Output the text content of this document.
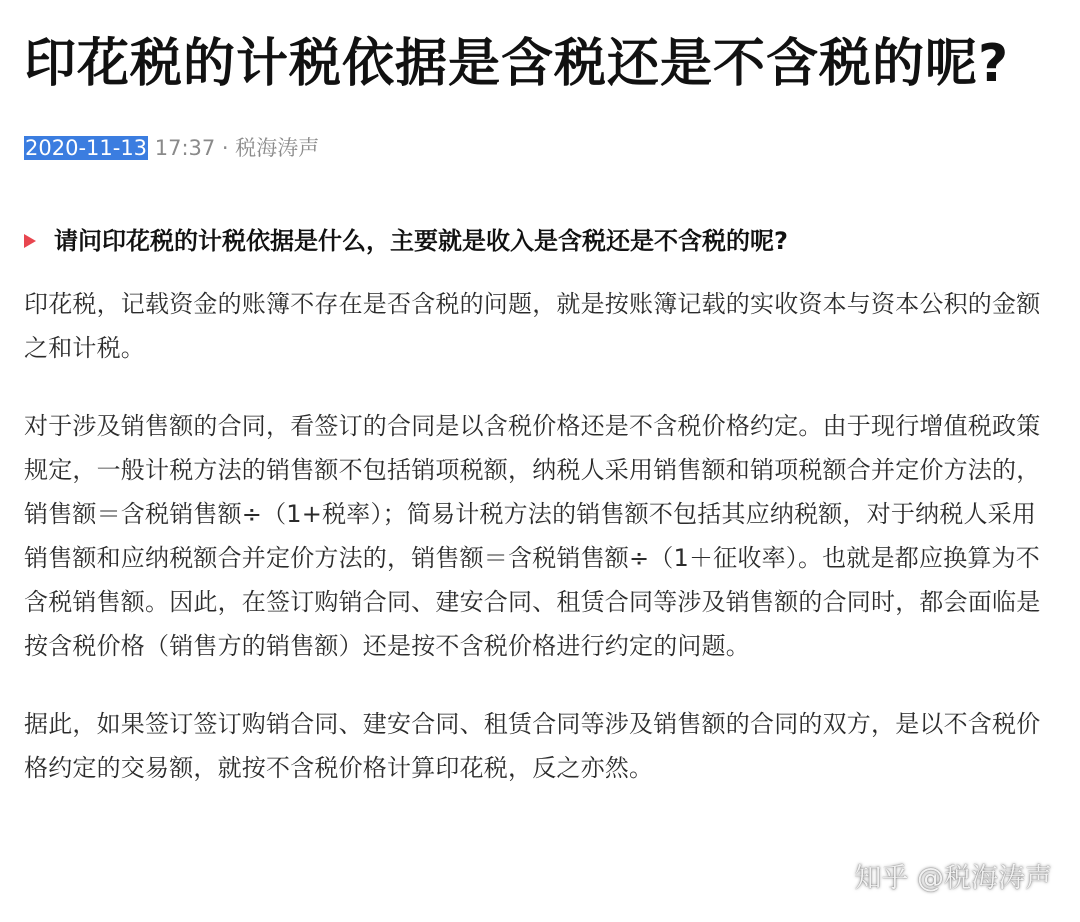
印花税的计税依据是含税还是不含税的呢?
2020-11-13 17:37 · 税海涛声
请问印花税的计税依据是什么，主要就是收入是含税还是不含税的呢?

印花税，记载资金的账簿不存在是否含税的问题，就是按账簿记载的实收资本与资本公积的金额之和计税。

对于涉及销售额的合同，看签订的合同是以含税价格还是不含税价格约定。由于现行增值税政策规定，一般计税方法的销售额不包括销项税额，纳税人采用销售额和销项税额合并定价方法的，销售额＝含税销售额÷（1+税率）；简易计税方法的销售额不包括其应纳税额，对于纳税人采用销售额和应纳税额合并定价方法的，销售额＝含税销售额÷（1＋征收率）。也就是都应换算为不含税销售额。因此，在签订购销合同、建安合同、租赁合同等涉及销售额的合同时，都会面临是按含税价格（销售方的销售额）还是按不含税价格进行约定的问题。

据此，如果签订签订购销合同、建安合同、租赁合同等涉及销售额的合同的双方，是以不含税价格约定的交易额，就按不含税价格计算印花税，反之亦然。

知乎 @税海涛声
